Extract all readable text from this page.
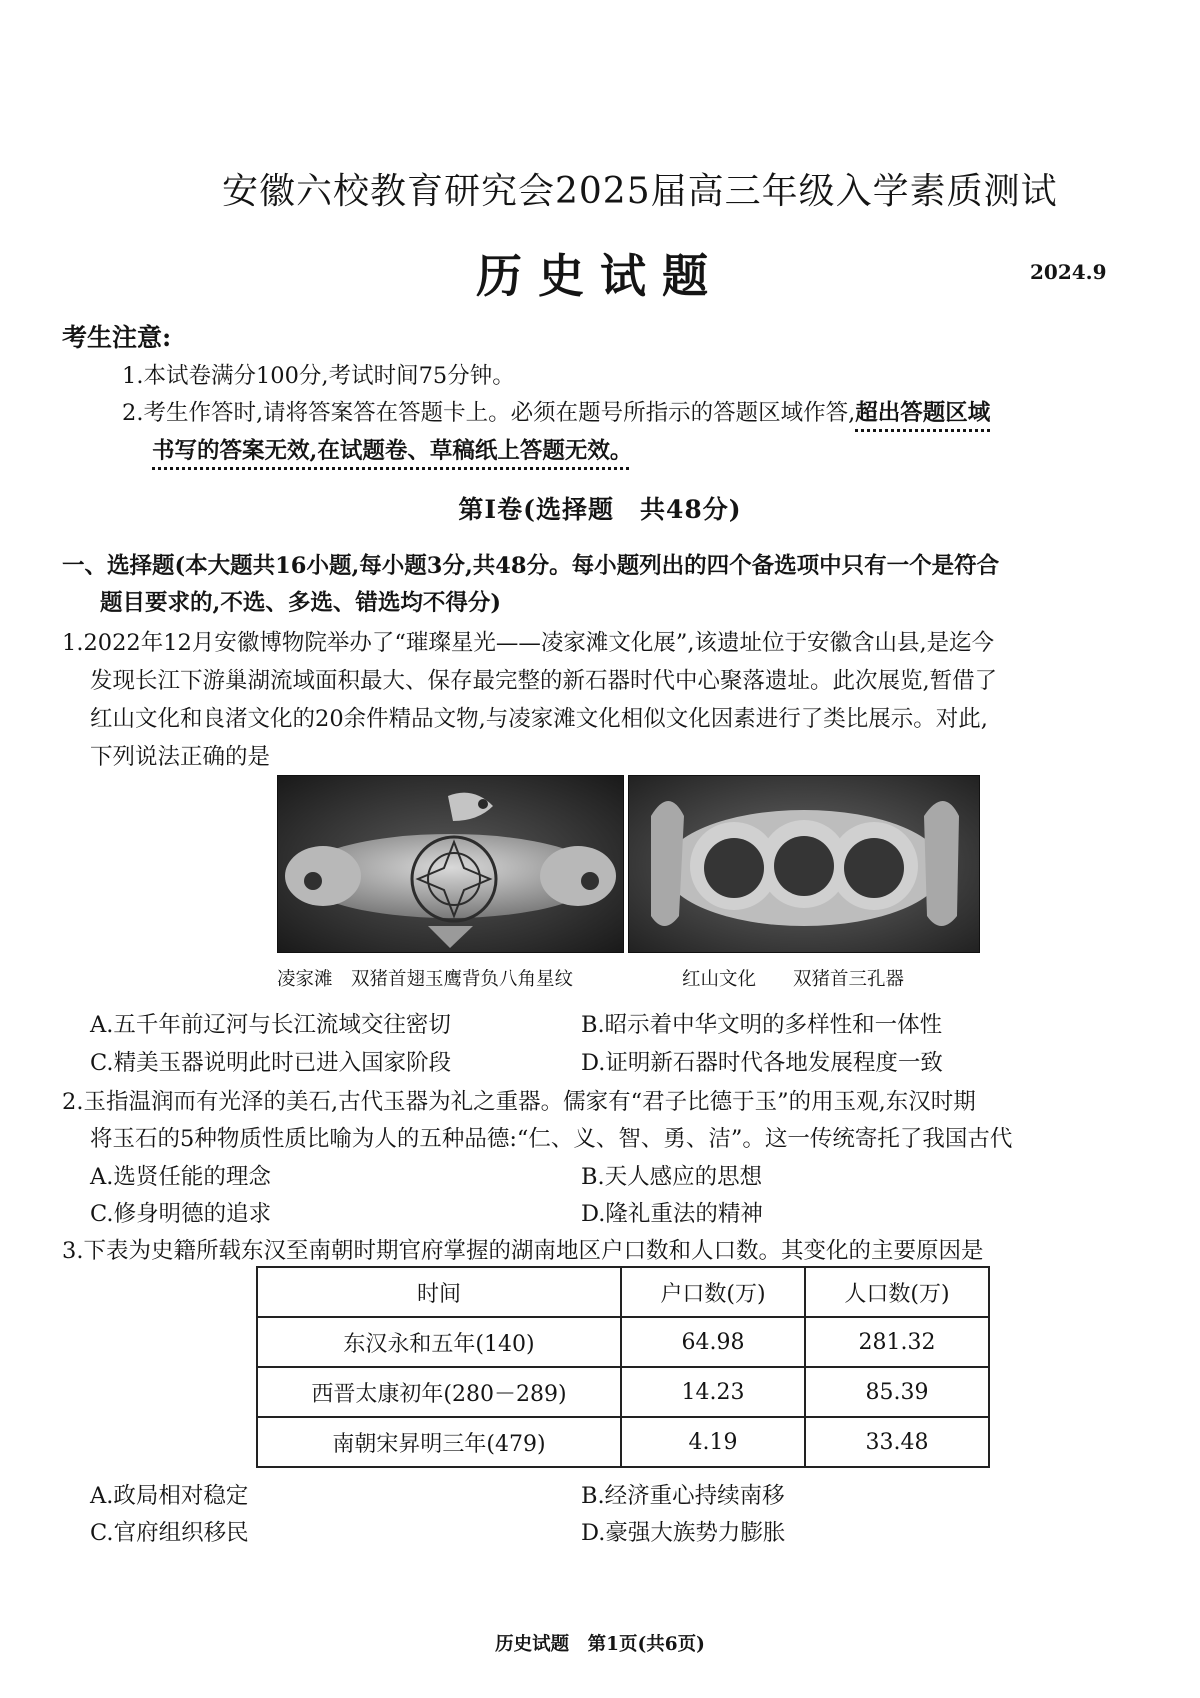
安徽六校教育研究会2025届高三年级入学素质测试
历史试题	2024.9
考生注意:
1.本试卷满分100分,考试时间75分钟。
2.考生作答时,请将答案答在答题卡上。必须在题号所指示的答题区域作答,超出答题区域
书写的答案无效,在试题卷、草稿纸上答题无效。
第Ⅰ卷(选择题　共48分)
一、选择题(本大题共16小题,每小题3分,共48分。每小题列出的四个备选项中只有一个是符合
题目要求的,不选、多选、错选均不得分)
1.2022年12月安徽博物院举办了“璀璨星光——凌家滩文化展”,该遗址位于安徽含山县,是迄今
发现长江下游巢湖流域面积最大、保存最完整的新石器时代中心聚落遗址。此次展览,暂借了
红山文化和良渚文化的20余件精品文物,与凌家滩文化相似文化因素进行了类比展示。对此,
下列说法正确的是
凌家滩　双猪首翅玉鹰背负八角星纹	红山文化　　双猪首三孔器
A.五千年前辽河与长江流域交往密切	B.昭示着中华文明的多样性和一体性
C.精美玉器说明此时已进入国家阶段	D.证明新石器时代各地发展程度一致
2.玉指温润而有光泽的美石,古代玉器为礼之重器。儒家有“君子比德于玉”的用玉观,东汉时期
将玉石的5种物质性质比喻为人的五种品德:“仁、义、智、勇、洁”。这一传统寄托了我国古代
A.选贤任能的理念	B.天人感应的思想
C.修身明德的追求	D.隆礼重法的精神
3.下表为史籍所载东汉至南朝时期官府掌握的湖南地区户口数和人口数。其变化的主要原因是
时间	户口数(万)	人口数(万)
东汉永和五年(140)	64.98	281.32
西晋太康初年(280－289)	14.23	85.39
南朝宋昇明三年(479)	4.19	33.48
A.政局相对稳定	B.经济重心持续南移
C.官府组织移民	D.豪强大族势力膨胀
历史试题　第1页(共6页)
